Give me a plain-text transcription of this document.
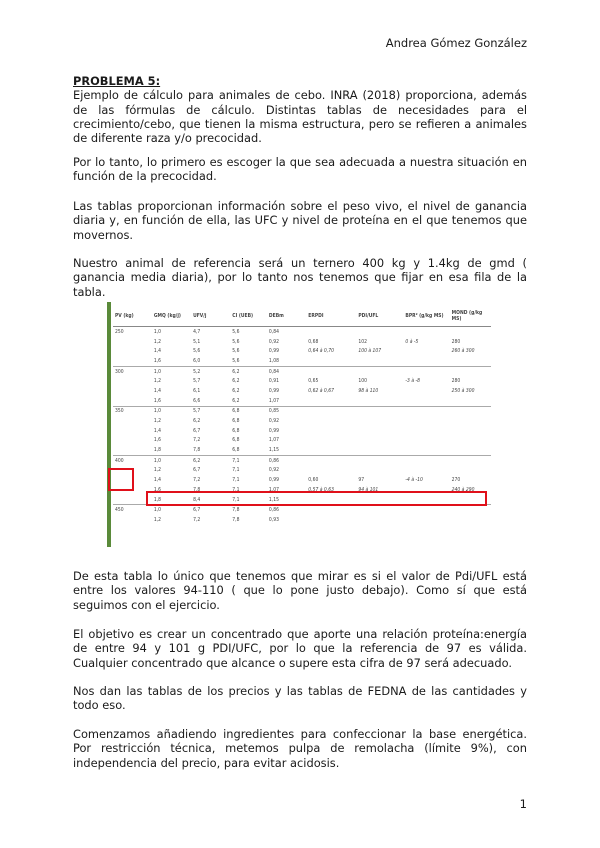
Andrea Gómez González

PROBLEMA 5:

Ejemplo de cálculo para animales de cebo. INRA (2018) proporciona, además de las fórmulas de cálculo. Distintas tablas de necesidades para el crecimiento/cebo, que tienen la misma estructura, pero se refieren a animales de diferente raza y/o precocidad.

Por lo tanto, lo primero es escoger la que sea adecuada a nuestra situación en función de la precocidad.
Las tablas proporcionan información sobre el peso vivo, el nivel de ganancia diaria y, en función de ella, las UFC y nivel de proteína en el que tenemos que movernos.
Nuestro animal de referencia será un ternero 400 kg y 1.4kg de gmd ( ganancia media diaria), por lo tanto nos tenemos que fijar en esa fila de la tabla.
PV (kg)	GMQ (kg/j)	UFV/j	CI (UEB)	DEBm	ERPDI	PDI/UFL	BPR² (g/kg MS)	MOND (g/kg MS)
250	1,0	4,7	5,6	0,84				
	1,2	5,1	5,6	0,92	0,68	102	0 à -5	280
	1,4	5,6	5,6	0,99	0,64 à 0,70	100 à 107		260 à 300
	1,6	6,0	5,6	1,08				
300	1,0	5,2	6,2	0,84				
	1,2	5,7	6,2	0,91	0,65	100	-3 à -8	280
	1,4	6,1	6,2	0,99	0,62 à 0,67	98 à 110		250 à 300
	1,6	6,6	6,2	1,07				
350	1,0	5,7	6,8	0,85				
	1,2	6,2	6,8	0,92				
	1,4	6,7	6,8	0,99				
	1,6	7,2	6,8	1,07				
	1,8	7,8	6,8	1,15				
400	1,0	6,2	7,1	0,86				
	1,2	6,7	7,1	0,92				
	1,4	7,2	7,1	0,99	0,60	97	-4 à -10	270
	1,6	7,8	7,1	1,07	0,57 à 0,63	94 à 101		240 à 290
	1,8	8,4	7,1	1,15				
450	1,0	6,7	7,8	0,86				
	1,2	7,2	7,8	0,93				
De esta tabla lo único que tenemos que mirar es si el valor de Pdi/UFL está entre los valores 94-110 ( que lo pone justo debajo). Como sí que está seguimos con el ejercicio.
El objetivo es crear un concentrado que aporte una relación proteína:energía de entre 94 y 101 g PDI/UFC, por lo que la referencia de 97 es válida. Cualquier concentrado que alcance o supere esta cifra de 97 será adecuado.
Nos dan las tablas de los precios y las tablas de FEDNA de las cantidades y todo eso.
Comenzamos añadiendo ingredientes para confeccionar la base energética. Por restricción técnica, metemos pulpa de remolacha (límite 9%), con independencia del precio, para evitar acidosis.
1
